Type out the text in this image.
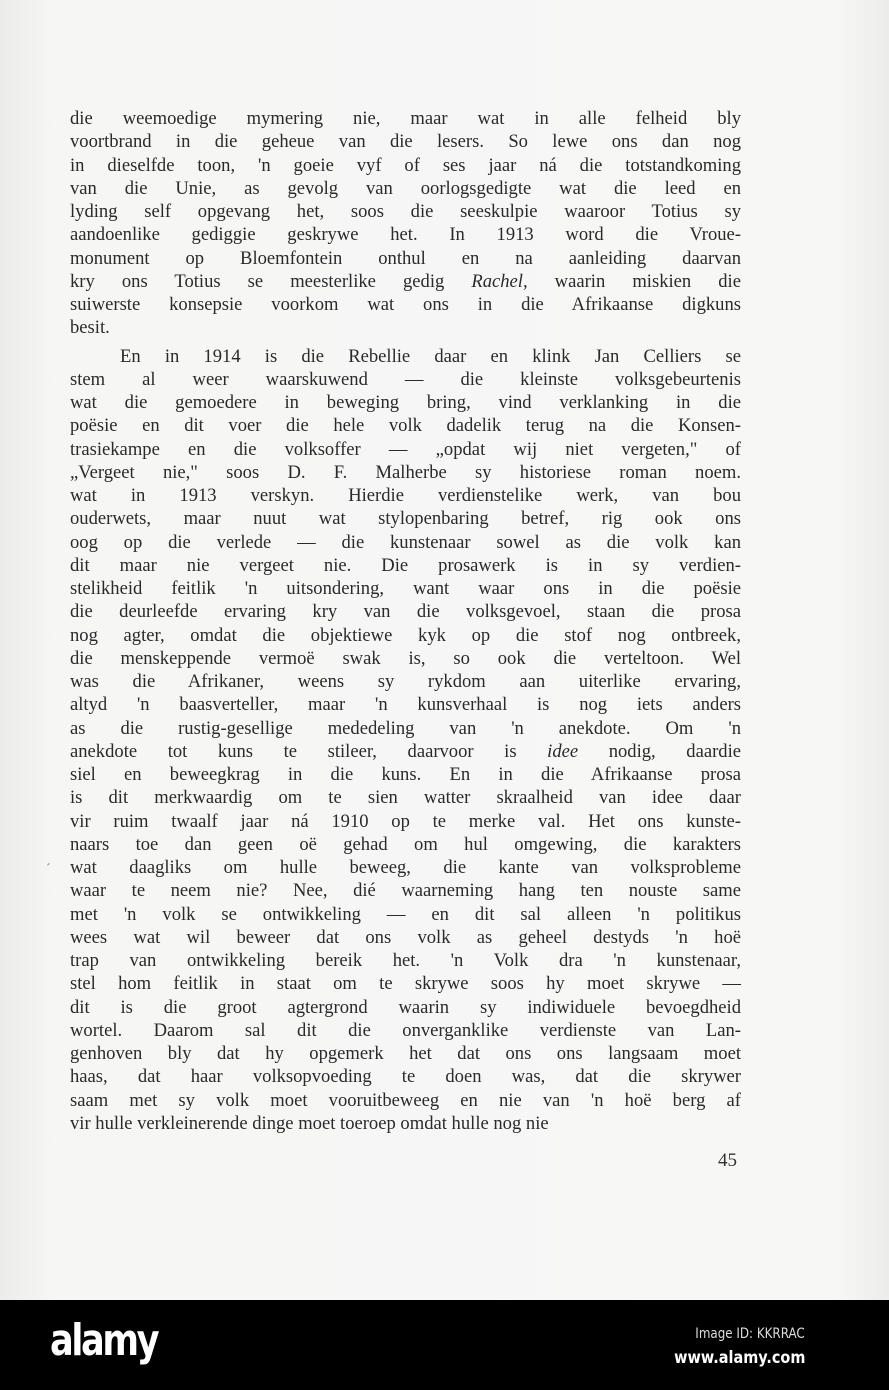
die weemoedige mymering nie, maar wat in alle felheid bly
voortbrand in die geheue van die lesers. So lewe ons dan nog
in dieselfde toon, 'n goeie vyf of ses jaar ná die totstandkoming
van die Unie, as gevolg van oorlogsgedigte wat die leed en
lyding self opgevang het, soos die seeskulpie waaroor Totius sy
aandoenlike gediggie geskrywe het. In 1913 word die Vroue-
monument op Bloemfontein onthul en na aanleiding daarvan
kry ons Totius se meesterlike gedig Rachel, waarin miskien die
suiwerste konsepsie voorkom wat ons in die Afrikaanse digkuns
besit.
En in 1914 is die Rebellie daar en klink Jan Celliers se
stem al weer waarskuwend — die kleinste volksgebeurtenis
wat die gemoedere in beweging bring, vind verklanking in die
poësie en dit voer die hele volk dadelik terug na die Konsen-
trasiekampe en die volksoffer — „opdat wij niet vergeten," of
„Vergeet nie," soos D. F. Malherbe sy historiese roman noem.
wat in 1913 verskyn. Hierdie verdienstelike werk, van bou
ouderwets, maar nuut wat stylopenbaring betref, rig ook ons
oog op die verlede — die kunstenaar sowel as die volk kan
dit maar nie vergeet nie. Die prosawerk is in sy verdien-
stelikheid feitlik 'n uitsondering, want waar ons in die poësie
die deurleefde ervaring kry van die volksgevoel, staan die prosa
nog agter, omdat die objektiewe kyk op die stof nog ontbreek,
die menskeppende vermoë swak is, so ook die verteltoon. Wel
was die Afrikaner, weens sy rykdom aan uiterlike ervaring,
altyd 'n baasverteller, maar 'n kunsverhaal is nog iets anders
as die rustig-gesellige mededeling van 'n anekdote. Om 'n
anekdote tot kuns te stileer, daarvoor is idee nodig, daardie
siel en beweegkrag in die kuns. En in die Afrikaanse prosa
is dit merkwaardig om te sien watter skraalheid van idee daar
vir ruim twaalf jaar ná 1910 op te merke val. Het ons kunste-
naars toe dan geen oë gehad om hul omgewing, die karakters
wat daagliks om hulle beweeg, die kante van volksprobleme
waar te neem nie? Nee, dié waarneming hang ten nouste same
met 'n volk se ontwikkeling — en dit sal alleen 'n politikus
wees wat wil beweer dat ons volk as geheel destyds 'n hoë
trap van ontwikkeling bereik het. 'n Volk dra 'n kunstenaar,
stel hom feitlik in staat om te skrywe soos hy moet skrywe —
dit is die groot agtergrond waarin sy indiwiduele bevoegdheid
wortel. Daarom sal dit die onverganklike verdienste van Lan-
genhoven bly dat hy opgemerk het dat ons ons langsaam moet
haas, dat haar volksopvoeding te doen was, dat die skrywer
saam met sy volk moet vooruitbeweeg en nie van 'n hoë berg af
vir hulle verkleinerende dinge moet toeroep omdat hulle nog nie
´
45
alamy	Image ID: KKRRAC
www.alamy.com
